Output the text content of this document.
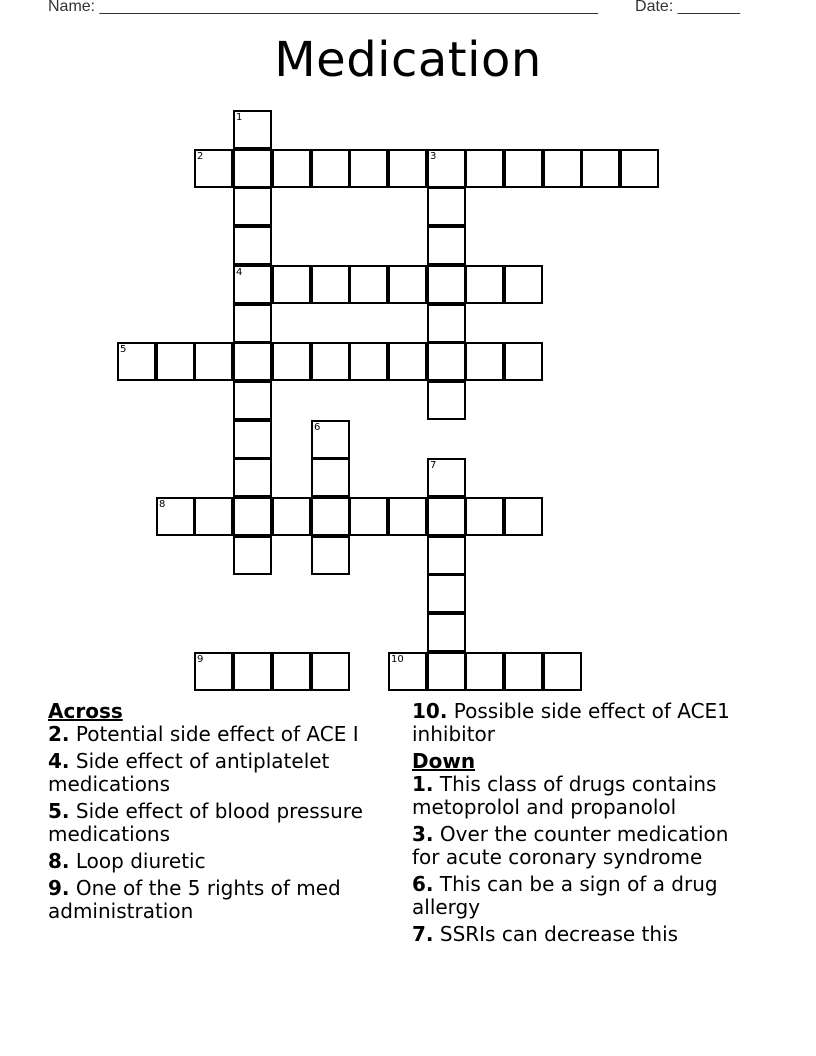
Name: ________________________________________________________ Date: _______
Medication
1
4
2	3
5
6
7
8
9	10
Across
2. Potential side effect of ACE I
4. Side effect of antiplatelet medications
5. Side effect of blood pressure medications
8. Loop diuretic
9. One of the 5 rights of med administration
10. Possible side effect of ACE1 inhibitor
Down
1. This class of drugs contains metoprolol and propanolol
3. Over the counter medication for acute coronary syndrome
6. This can be a sign of a drug allergy
7. SSRIs can decrease this
